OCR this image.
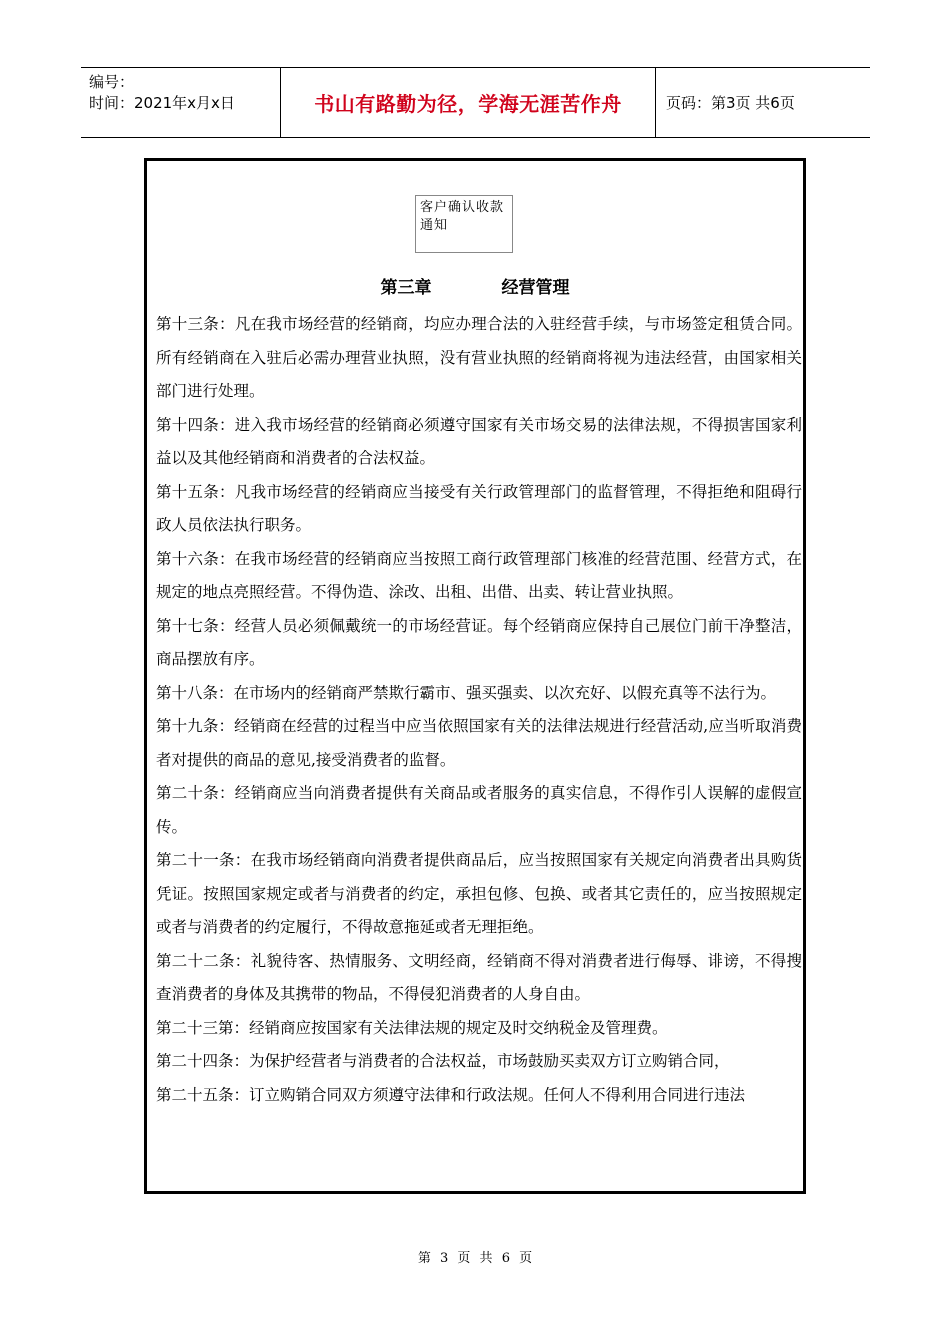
编号：
时间：2021年x月x日	书山有路勤为径，学海无涯苦作舟	页码：第3页 共6页
客户确认收款通知
第三章	经营管理

第十三条：凡在我市场经营的经销商，均应办理合法的入驻经营手续，与市场签定租赁合同。所有经销商在入驻后必需办理营业执照，没有营业执照的经销商将视为违法经营，由国家相关部门进行处理。

第十四条：进入我市场经营的经销商必须遵守国家有关市场交易的法律法规，不得损害国家利益以及其他经销商和消费者的合法权益。

第十五条：凡我市场经营的经销商应当接受有关行政管理部门的监督管理，不得拒绝和阻碍行政人员依法执行职务。

第十六条：在我市场经营的经销商应当按照工商行政管理部门核准的经营范围、经营方式，在规定的地点亮照经营。不得伪造、涂改、出租、出借、出卖、转让营业执照。

第十七条：经营人员必须佩戴统一的市场经营证。每个经销商应保持自己展位门前干净整洁，商品摆放有序。

第十八条：在市场内的经销商严禁欺行霸市、强买强卖、以次充好、以假充真等不法行为。

第十九条：经销商在经营的过程当中应当依照国家有关的法律法规进行经营活动,应当听取消费者对提供的商品的意见,接受消费者的监督。

第二十条：经销商应当向消费者提供有关商品或者服务的真实信息，不得作引人误解的虚假宣传。

第二十一条：在我市场经销商向消费者提供商品后，应当按照国家有关规定向消费者出具购货凭证。按照国家规定或者与消费者的约定，承担包修、包换、或者其它责任的，应当按照规定或者与消费者的约定履行，不得故意拖延或者无理拒绝。

第二十二条：礼貌待客、热情服务、文明经商，经销商不得对消费者进行侮辱、诽谤，不得搜查消费者的身体及其携带的物品，不得侵犯消费者的人身自由。

第二十三第：经销商应按国家有关法律法规的规定及时交纳税金及管理费。

第二十四条：为保护经营者与消费者的合法权益，市场鼓励买卖双方订立购销合同，

第二十五条：订立购销合同双方须遵守法律和行政法规。任何人不得利用合同进行违法

第 3 页 共 6 页
